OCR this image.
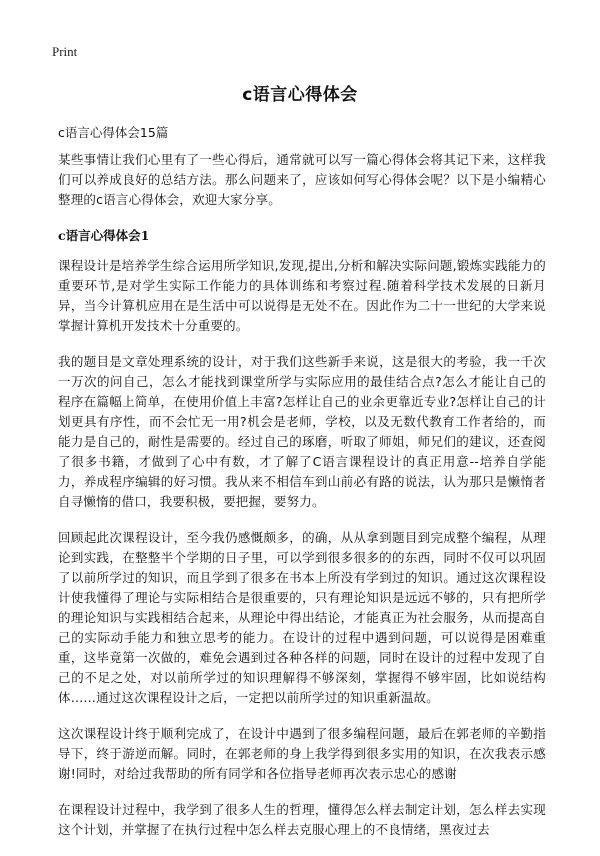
Print
c语言心得体会
c语言心得体会15篇

某些事情让我们心里有了一些心得后，通常就可以写一篇心得体会将其记下来，这样我们可以养成良好的总结方法。那么问题来了，应该如何写心得体会呢？以下是小编精心整理的c语言心得体会，欢迎大家分享。

c语言心得体会1

课程设计是培养学生综合运用所学知识,发现,提出,分析和解决实际问题,锻炼实践能力的重要环节,是对学生实际工作能力的具体训练和考察过程.随着科学技术发展的日新月异，当今计算机应用在是生活中可以说得是无处不在。因此作为二十一世纪的大学来说掌握计算机开发技术十分重要的。

我的题目是文章处理系统的设计，对于我们这些新手来说，这是很大的考验，我一千次一万次的问自己，怎么才能找到课堂所学与实际应用的最佳结合点?怎么才能让自己的程序在篇幅上简单，在使用价值上丰富?怎样让自己的业余更靠近专业?怎样让自己的计划更具有序性，而不会忙无一用?机会是老师，学校，以及无数代教育工作者给的，而能力是自己的，耐性是需要的。经过自己的琢磨，听取了师姐，师兄们的建议，还查阅了很多书籍，才做到了心中有数，才了解了C语言课程设计的真正用意--培养自学能力，养成程序编辑的好习惯。我从来不相信车到山前必有路的说法，认为那只是懒惰者自寻懒惰的借口，我要积极，要把握，要努力。

回顾起此次课程设计，至今我仍感慨颇多，的确，从从拿到题目到完成整个编程，从理论到实践，在整整半个学期的日子里，可以学到很多很多的的东西，同时不仅可以巩固了以前所学过的知识，而且学到了很多在书本上所没有学到过的知识。通过这次课程设计使我懂得了理论与实际相结合是很重要的，只有理论知识是远远不够的，只有把所学的理论知识与实践相结合起来，从理论中得出结论，才能真正为社会服务，从而提高自己的实际动手能力和独立思考的能力。在设计的过程中遇到问题，可以说得是困难重重，这毕竟第一次做的，难免会遇到过各种各样的问题，同时在设计的过程中发现了自己的不足之处，对以前所学过的知识理解得不够深刻，掌握得不够牢固，比如说结构体……通过这次课程设计之后，一定把以前所学过的知识重新温故。

这次课程设计终于顺利完成了，在设计中遇到了很多编程问题，最后在郭老师的辛勤指导下，终于游逆而解。同时，在郭老师的身上我学得到很多实用的知识，在次我表示感谢!同时，对给过我帮助的所有同学和各位指导老师再次表示忠心的感谢

在课程设计过程中，我学到了很多人生的哲理，懂得怎么样去制定计划，怎么样去实现这个计划，并掌握了在执行过程中怎么样去克服心理上的不良情绪，黑夜过去
